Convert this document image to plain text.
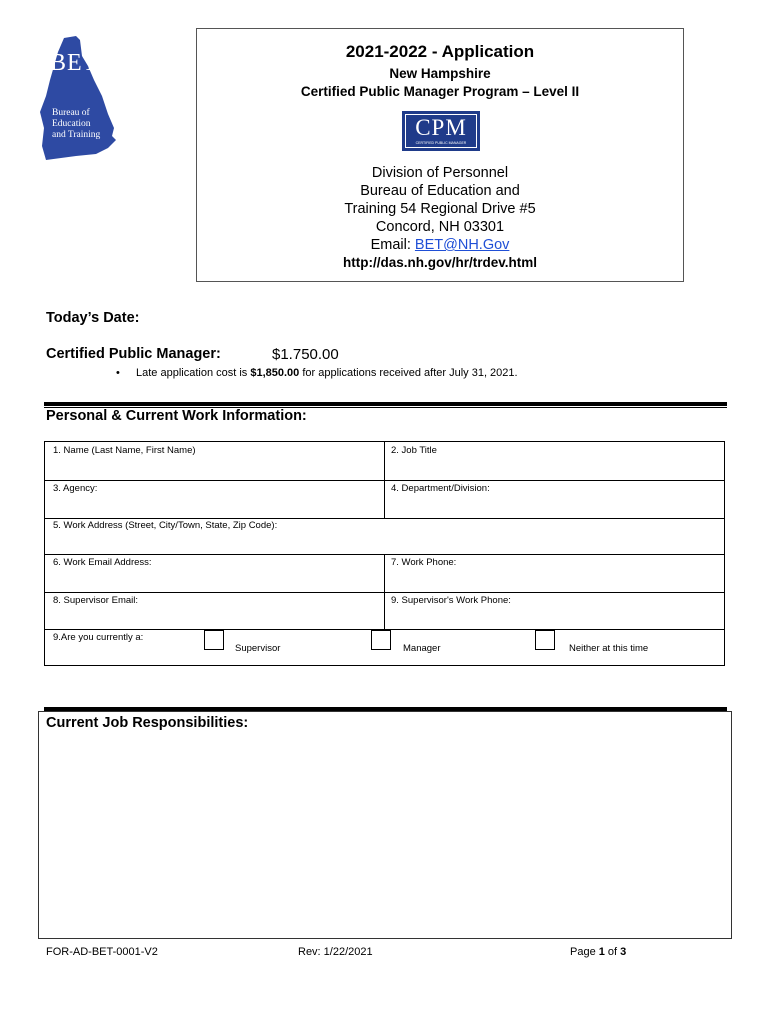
BET
Bureau of
Education
and Training
2021-2022 - Application
New Hampshire
Certified Public Manager Program – Level II
CPM
CERTIFIED PUBLIC MANAGER
Division of Personnel
Bureau of Education and
Training 54 Regional Drive #5
Concord, NH 03301
Email: BET@NH.Gov
http://das.nh.gov/hr/trdev.html
Today’s Date:
Certified Public Manager:	$1.750.00
• Late application cost is $1,850.00 for applications received after July 31, 2021.
Personal & Current Work Information:
1. Name (Last Name, First Name)	2. Job Title
3. Agency:	4. Department/Division:
5. Work Address (Street, City/Town, State, Zip Code):
6. Work Email Address:	7. Work Phone:
8. Supervisor Email:	9. Supervisor's Work Phone:
9.Are you currently a:
Supervisor	Manager	Neither at this time
Current Job Responsibilities:
FOR-AD-BET-0001-V2	Rev: 1/22/2021	Page 1 of 3
